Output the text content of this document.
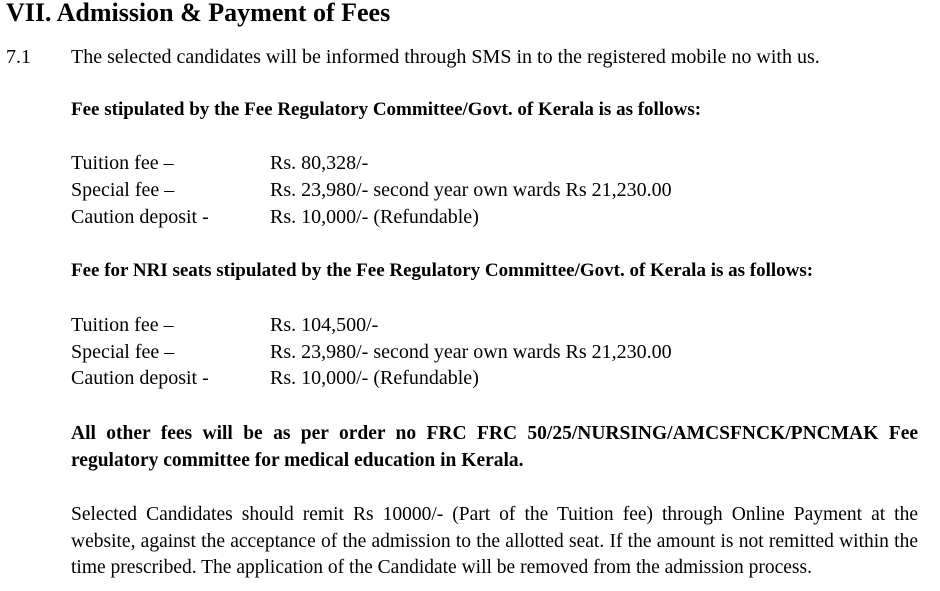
VII. Admission & Payment of Fees
7.1 The selected candidates will be informed through SMS in to the registered mobile no with us.
Fee stipulated by the Fee Regulatory Committee/Govt. of Kerala is as follows:
Tuition fee –	Rs. 80,328/-
Special fee –	Rs. 23,980/- second year own wards Rs 21,230.00
Caution deposit -	Rs. 10,000/- (Refundable)
Fee for NRI seats stipulated by the Fee Regulatory Committee/Govt. of Kerala is as follows:
Tuition fee –	Rs. 104,500/-
Special fee –	Rs. 23,980/- second year own wards Rs 21,230.00
Caution deposit -	Rs. 10,000/- (Refundable)
All other fees will be as per order no FRC FRC 50/25/NURSING/AMCSFNCK/PNCMAK Fee regulatory committee for medical education in Kerala.
Selected Candidates should remit Rs 10000/- (Part of the Tuition fee) through Online Payment at the website, against the acceptance of the admission to the allotted seat. If the amount is not remitted within the time prescribed. The application of the Candidate will be removed from the admission process.
